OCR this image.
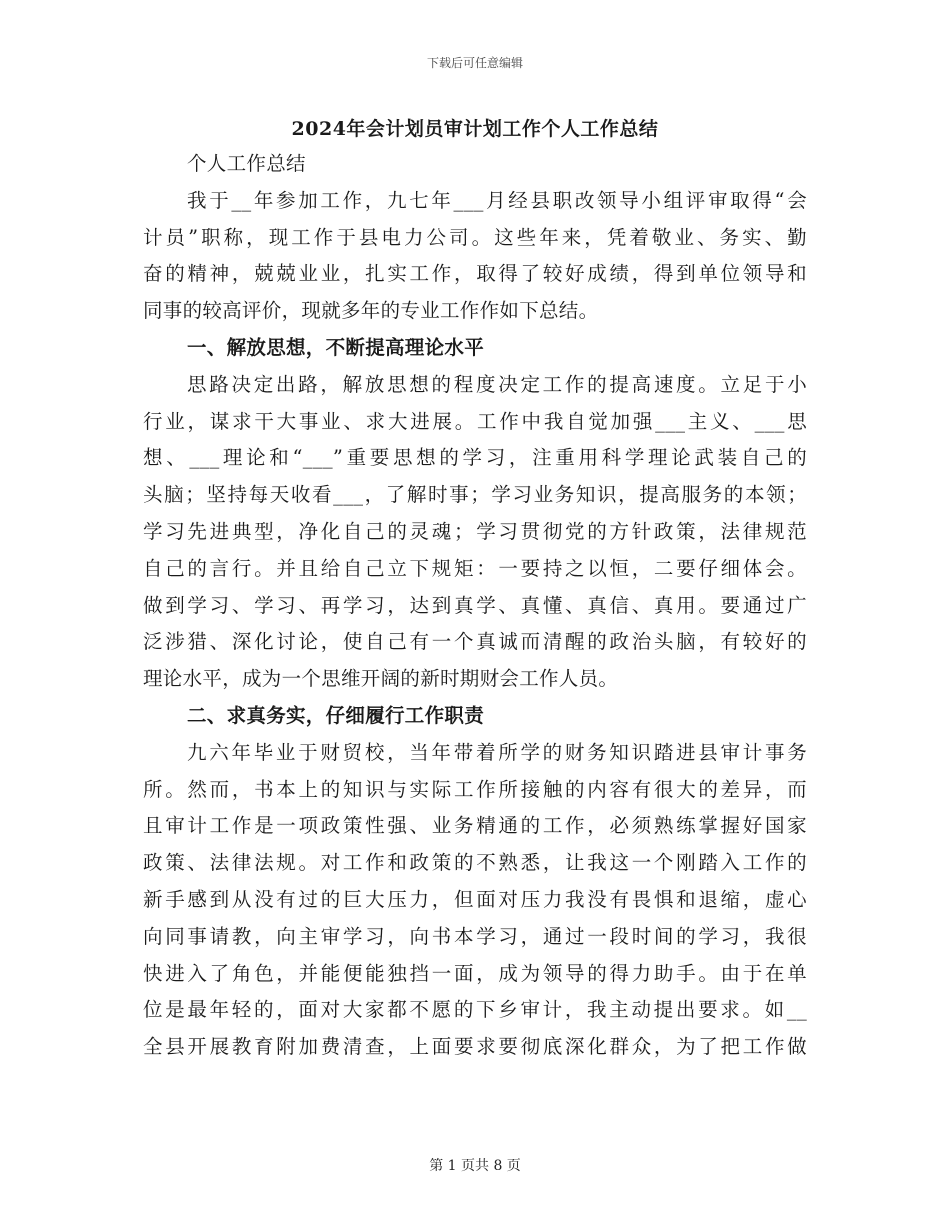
下载后可任意编辑
2024年会计划员审计划工作个人工作总结
个人工作总结
我于__年参加工作，九七年___月经县职改领导小组评审取得“会
计员”职称，现工作于县电力公司。这些年来，凭着敬业、务实、勤
奋的精神，兢兢业业，扎实工作，取得了较好成绩，得到单位领导和
同事的较高评价，现就多年的专业工作作如下总结。
一、解放思想，不断提高理论水平
思路决定出路，解放思想的程度决定工作的提高速度。立足于小
行业，谋求干大事业、求大进展。工作中我自觉加强___主义、___思
想、___理论和“___”重要思想的学习，注重用科学理论武装自己的
头脑；坚持每天收看___，了解时事；学习业务知识，提高服务的本领；
学习先进典型，净化自己的灵魂；学习贯彻党的方针政策，法律规范
自己的言行。并且给自己立下规矩：一要持之以恒，二要仔细体会。
做到学习、学习、再学习，达到真学、真懂、真信、真用。要通过广
泛涉猎、深化讨论，使自己有一个真诚而清醒的政治头脑，有较好的
理论水平，成为一个思维开阔的新时期财会工作人员。
二、求真务实，仔细履行工作职责
九六年毕业于财贸校，当年带着所学的财务知识踏进县审计事务
所。然而，书本上的知识与实际工作所接触的内容有很大的差异，而
且审计工作是一项政策性强、业务精通的工作，必须熟练掌握好国家
政策、法律法规。对工作和政策的不熟悉，让我这一个刚踏入工作的
新手感到从没有过的巨大压力，但面对压力我没有畏惧和退缩，虚心
向同事请教，向主审学习，向书本学习，通过一段时间的学习，我很
快进入了角色，并能便能独挡一面，成为领导的得力助手。由于在单
位是最年轻的，面对大家都不愿的下乡审计，我主动提出要求。如__
全县开展教育附加费清查，上面要求要彻底深化群众，为了把工作做
第 1 页共 8 页
